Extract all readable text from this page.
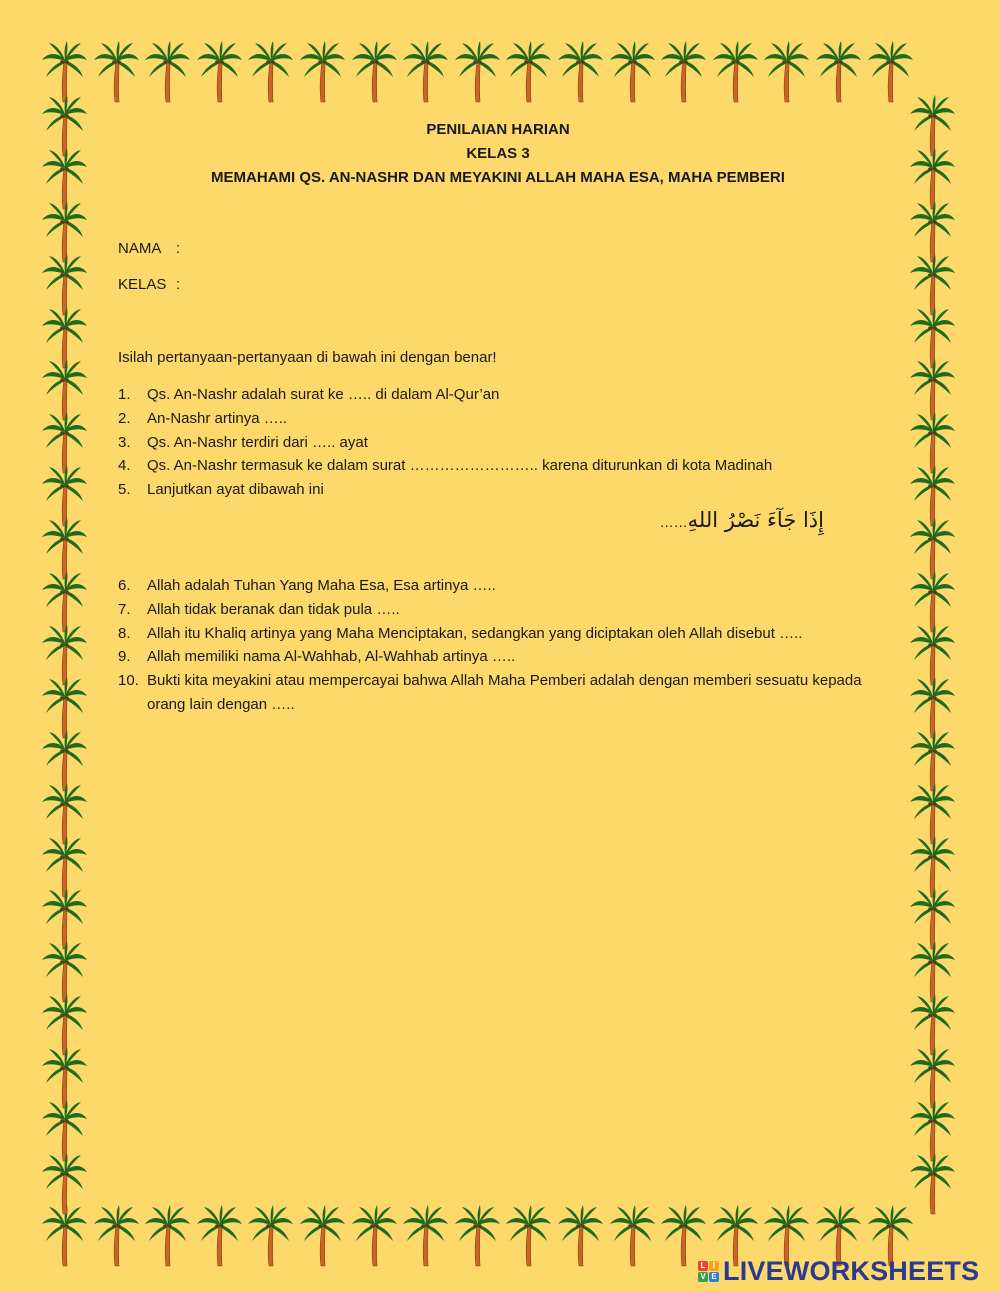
PENILAIAN HARIAN
KELAS 3
MEMAHAMI QS. AN-NASHR DAN MEYAKINI ALLAH MAHA ESA, MAHA PEMBERI
NAMA :
KELAS :
Isilah pertanyaan-pertanyaan di bawah ini dengan benar!
1. Qs. An-Nashr adalah surat ke ….. di dalam Al-Qur’an
2. An-Nashr artinya …..
3. Qs. An-Nashr terdiri dari ….. ayat
4. Qs. An-Nashr termasuk ke dalam surat …………………….. karena diturunkan di kota Madinah
5. Lanjutkan ayat dibawah ini
إِذَا جَآءَ نَصْرُ اللهِ……
6. Allah adalah Tuhan Yang Maha Esa, Esa artinya …..
7. Allah tidak beranak dan tidak pula …..
8. Allah itu Khaliq artinya yang Maha Menciptakan, sedangkan yang diciptakan oleh Allah disebut …..
9. Allah memiliki nama Al-Wahhab, Al-Wahhab artinya …..
10. Bukti kita meyakini atau mempercayai bahwa Allah Maha Pemberi adalah dengan memberi sesuatu kepada orang lain dengan …..
L I
V E LIVEWORKSHEETS
